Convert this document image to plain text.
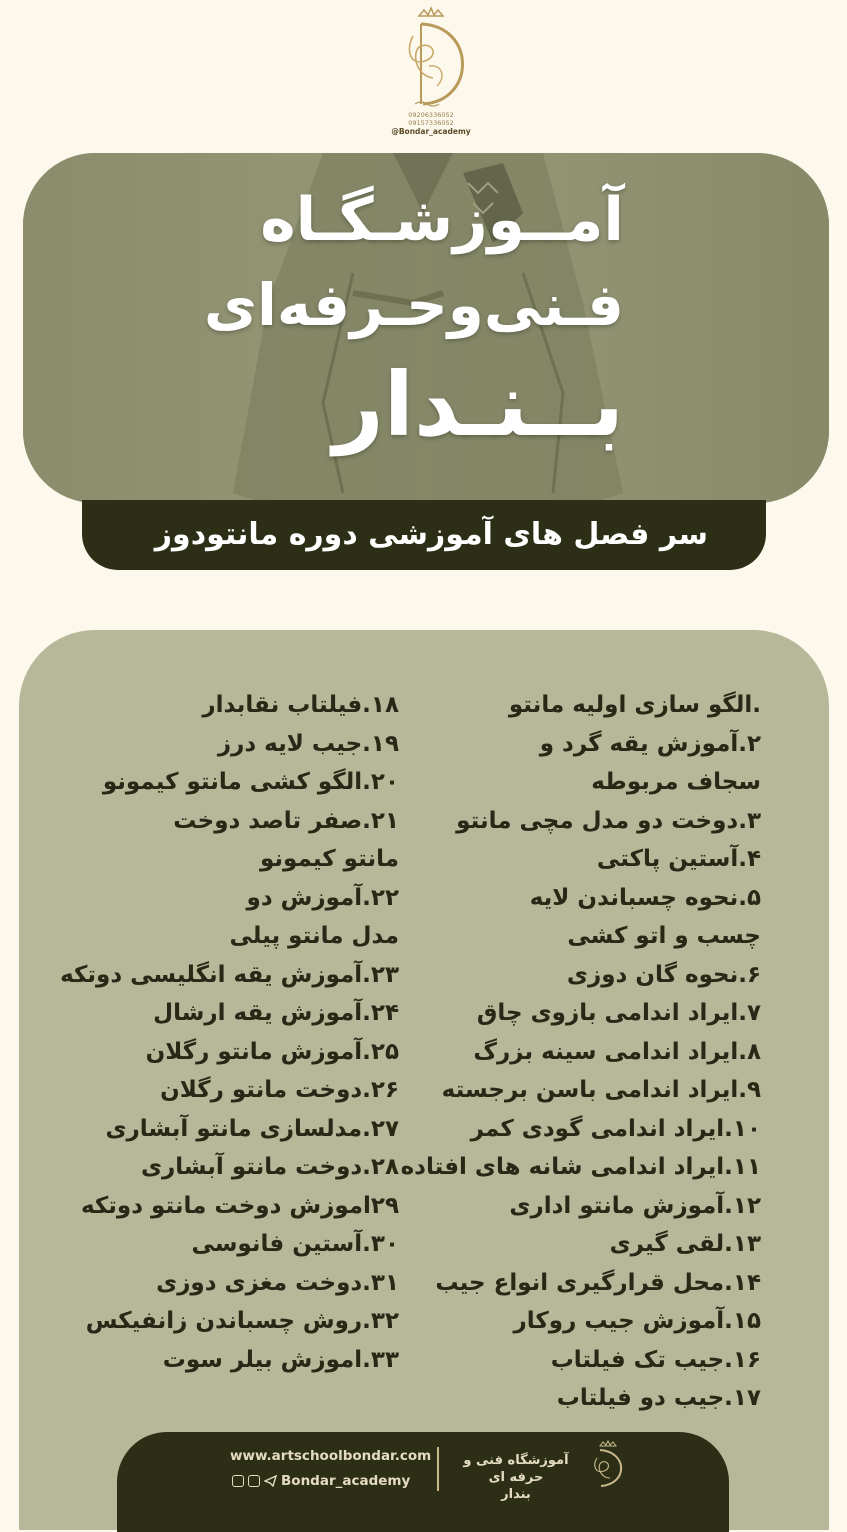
09206336052
09157336052
@Bondar_academy
آمــوزشـگـاه
فـنی‌وحـرفه‌ای
بــنـدار
سر فصل های آموزشی دوره مانتودوز
.الگو سازی اولیه مانتو
۲.آموزش یقه گرد و
سجاف مربوطه
۳.دوخت دو مدل مچی مانتو
۴.آستین پاکتی
۵.نحوه چسباندن لایه
چسب و اتو کشی
۶.نحوه گان دوزی
۷.ایراد اندامی بازوی چاق
۸.ایراد اندامی سینه بزرگ
۹.ایراد اندامی باسن برجسته
۱۰.ایراد اندامی گودی کمر
۱۱.ایراد اندامی شانه های افتاده
۱۲.آموزش مانتو اداری
۱۳.لقی گیری
۱۴.محل قرارگیری انواع جیب
۱۵.آموزش جیب روکار
۱۶.جیب تک فیلتاب
۱۷.جیب دو فیلتاب
۱۸.فیلتاب نقابدار
۱۹.جیب لایه درز
۲۰.الگو کشی مانتو کیمونو
۲۱.صفر تاصد دوخت
مانتو کیمونو
۲۲.آموزش دو
مدل مانتو پیلی
۲۳.آموزش یقه انگلیسی دوتکه
۲۴.آموزش یقه ارشال
۲۵.آموزش مانتو رگلان
۲۶.دوخت مانتو رگلان
۲۷.مدلسازی مانتو آبشاری
۲۸.دوخت مانتو آبشاری
۲۹اموزش دوخت مانتو دوتکه
۳۰.آستین فانوسی
۳۱.دوخت مغزی دوزی
۳۲.روش چسباندن زانفیکس
۳۳.اموزش بیلر سوت
www.artschoolbondar.com
Bondar_academy
آموزشگاه فنی و حرفه ای
بندار
